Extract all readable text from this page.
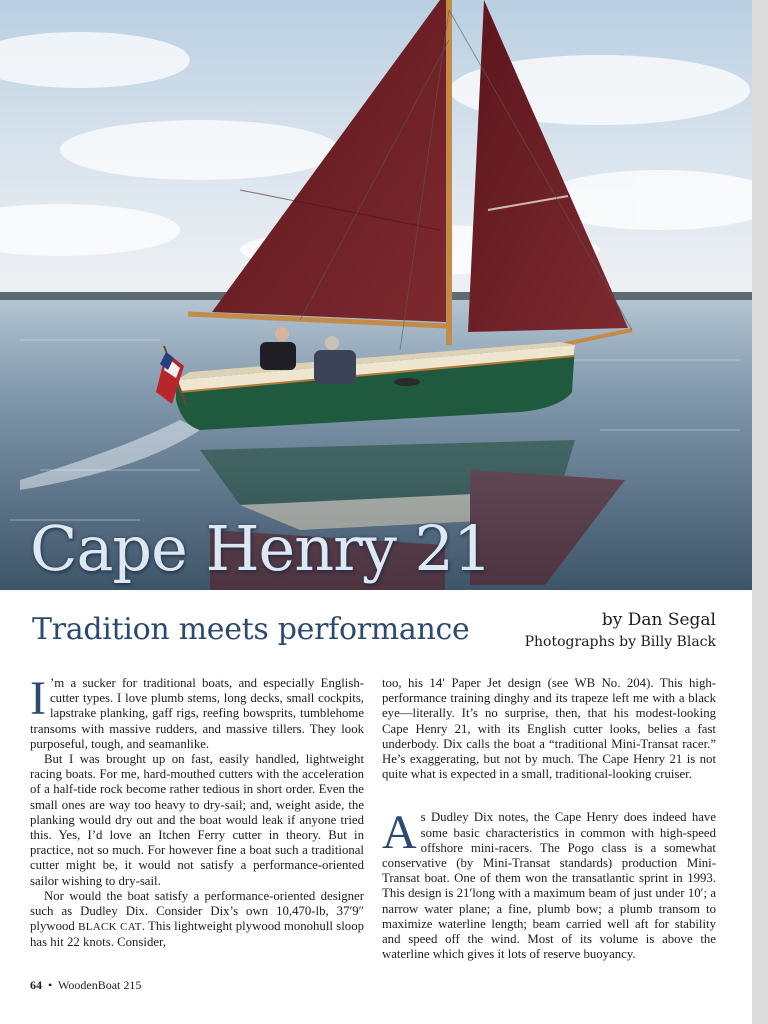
Cape Henry 21
Tradition meets performance	by Dan Segal
Photographs by Billy Black

I ’m a sucker for traditional boats, and especially English-cutter types. I love plumb stems, long decks, small cockpits, lapstrake planking, gaff rigs, reefing bowsprits, tumblehome transoms with massive rudders, and massive tillers. They look purposeful, tough, and seamanlike.

But I was brought up on fast, easily handled, lightweight racing boats. For me, hard-mouthed cutters with the acceleration of a half-tide rock become rather tedious in short order. Even the small ones are way too heavy to dry-sail; and, weight aside, the planking would dry out and the boat would leak if anyone tried this. Yes, I’d love an Itchen Ferry cutter in theory. But in practice, not so much. For however fine a boat such a traditional cutter might be, it would not satisfy a performance-oriented sailor wishing to dry-sail.

Nor would the boat satisfy a performance-oriented designer such as Dudley Dix. Consider Dix’s own 10,470-lb, 37′9″ plywood BLACK CAT. This lightweight plywood monohull sloop has hit 22 knots. Consider,

too, his 14′ Paper Jet design (see WB No. 204). This high-performance training dinghy and its trapeze left me with a black eye—literally. It’s no surprise, then, that his modest-looking Cape Henry 21, with its English cutter looks, belies a fast underbody. Dix calls the boat a “traditional Mini-Transat racer.” He’s exaggerating, but not by much. The Cape Henry 21 is not quite what is expected in a small, traditional-looking cruiser.

As Dudley Dix notes, the Cape Henry does indeed have some basic characteristics in common with high-speed offshore mini-racers. The Pogo class is a somewhat conservative (by Mini-Transat standards) production Mini-Transat boat. One of them won the transatlantic sprint in 1993. This design is 21′long with a maximum beam of just under 10′; a narrow water plane; a fine, plumb bow; a plumb transom to maximize waterline length; beam carried well aft for stability and speed off the wind. Most of its volume is above the waterline which gives it lots of reserve buoyancy.

64 • WoodenBoat 215
